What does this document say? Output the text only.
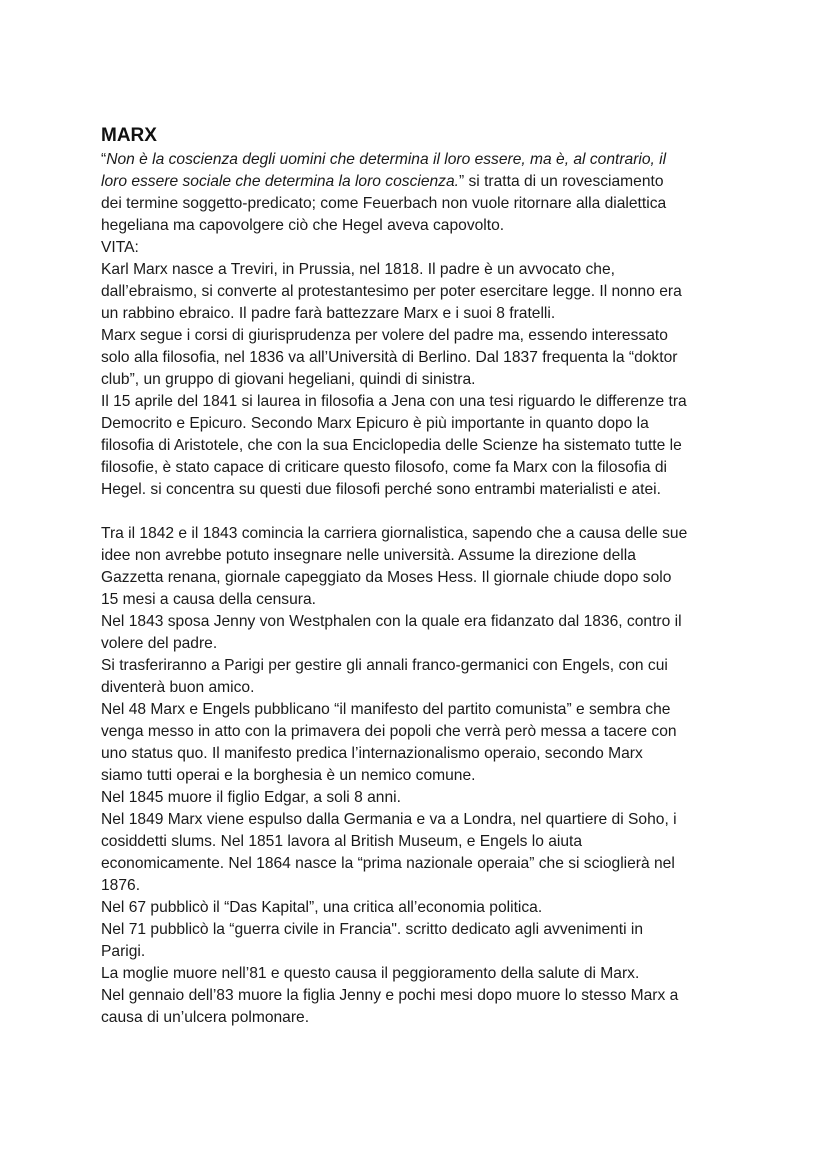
MARX

“Non è la coscienza degli uomini che determina il loro essere, ma è, al contrario, il

loro essere sociale che determina la loro coscienza.” si tratta di un rovesciamento

dei termine soggetto-predicato; come Feuerbach non vuole ritornare alla dialettica

hegeliana ma capovolgere ciò che Hegel aveva capovolto.

VITA:

Karl Marx nasce a Treviri, in Prussia, nel 1818. Il padre è un avvocato che,

dall’ebraismo, si converte al protestantesimo per poter esercitare legge. Il nonno era

un rabbino ebraico. Il padre farà battezzare Marx e i suoi 8 fratelli.

Marx segue i corsi di giurisprudenza per volere del padre ma, essendo interessato

solo alla filosofia, nel 1836 va all’Università di Berlino. Dal 1837 frequenta la “doktor

club”, un gruppo di giovani hegeliani, quindi di sinistra.

Il 15 aprile del 1841 si laurea in filosofia a Jena con una tesi riguardo le differenze tra

Democrito e Epicuro. Secondo Marx Epicuro è più importante in quanto dopo la

filosofia di Aristotele, che con la sua Enciclopedia delle Scienze ha sistemato tutte le

filosofie, è stato capace di criticare questo filosofo, come fa Marx con la filosofia di

Hegel. si concentra su questi due filosofi perché sono entrambi materialisti e atei.

Tra il 1842 e il 1843 comincia la carriera giornalistica, sapendo che a causa delle sue

idee non avrebbe potuto insegnare nelle università. Assume la direzione della

Gazzetta renana, giornale capeggiato da Moses Hess. Il giornale chiude dopo solo

15 mesi a causa della censura.

Nel 1843 sposa Jenny von Westphalen con la quale era fidanzato dal 1836, contro il

volere del padre.

Si trasferiranno a Parigi per gestire gli annali franco-germanici con Engels, con cui

diventerà buon amico.

Nel 48 Marx e Engels pubblicano “il manifesto del partito comunista” e sembra che

venga messo in atto con la primavera dei popoli che verrà però messa a tacere con

uno status quo. Il manifesto predica l’internazionalismo operaio, secondo Marx

siamo tutti operai e la borghesia è un nemico comune.

Nel 1845 muore il figlio Edgar, a soli 8 anni.

Nel 1849 Marx viene espulso dalla Germania e va a Londra, nel quartiere di Soho, i

cosiddetti slums. Nel 1851 lavora al British Museum, e Engels lo aiuta

economicamente. Nel 1864 nasce la “prima nazionale operaia” che si scioglierà nel

1876.

Nel 67 pubblicò il “Das Kapital”, una critica all’economia politica.

Nel 71 pubblicò la “guerra civile in Francia". scritto dedicato agli avvenimenti in

Parigi.

La moglie muore nell’81 e questo causa il peggioramento della salute di Marx.

Nel gennaio dell’83 muore la figlia Jenny e pochi mesi dopo muore lo stesso Marx a

causa di un’ulcera polmonare.
